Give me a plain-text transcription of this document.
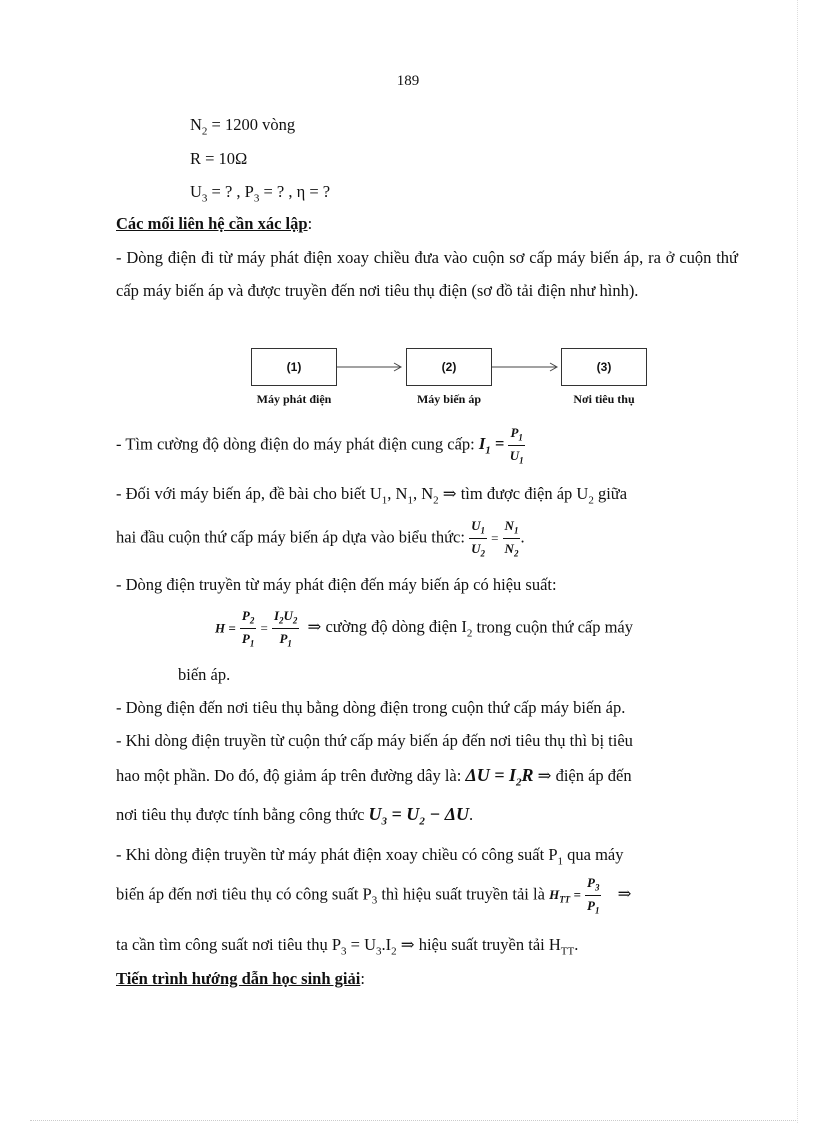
189
$N_2 = 1200$ vòng
R = 10Ω
$U_3$ = ? , $P_3$ = ? , η = ?
Các mối liên hệ cần xác lập:
- Dòng điện đi từ máy phát điện xoay chiều đưa vào cuộn sơ cấp máy biến áp, ra ở cuộn thứ cấp máy biến áp và được truyền đến nơi tiêu thụ điện (sơ đồ tải điện như hình).
(1)	(2)	(3)
Máy phát điện	Máy biến áp	Nơi tiêu thụ
- Tìm cường độ dòng điện do máy phát điện cung cấp: $I_1 = \frac{P_1}{U_1}$
- Đối với máy biến áp, đề bài cho biết $U_1$, $N_1$, $N_2$ ⇒ tìm được điện áp $U_2$ giữa
hai đầu cuộn thứ cấp máy biến áp dựa vào biểu thức: $\frac{U_1}{U_2} = \frac{N_1}{N_2}$ .
- Dòng điện truyền từ máy phát điện đến máy biến áp có hiệu suất:
$H = \frac{P_2}{P_1} = \frac{I_2U_2}{P_1}$ ⇒ cường độ dòng điện $I_2$ trong cuộn thứ cấp máy
biến áp.
- Dòng điện đến nơi tiêu thụ bằng dòng điện trong cuộn thứ cấp máy biến áp.
- Khi dòng điện truyền từ cuộn thứ cấp máy biến áp đến nơi tiêu thụ thì bị tiêu
hao một phần. Do đó, độ giảm áp trên đường dây là: $\Delta U = I_2R$ ⇒ điện áp đến
nơi tiêu thụ được tính bằng công thức $U_3 = U_2 - \Delta U$.
- Khi dòng điện truyền từ máy phát điện xoay chiều có công suất $P_1$ qua máy
biến áp đến nơi tiêu thụ có công suất $P_3$ thì hiệu suất truyền tải là $H_{TT} = \frac{P_3}{P_1}$ ⇒
ta cần tìm công suất nơi tiêu thụ $P_3 = U_3.I_2$ ⇒ hiệu suất truyền tải $H_{TT}$.
Tiến trình hướng dẫn học sinh giải:
